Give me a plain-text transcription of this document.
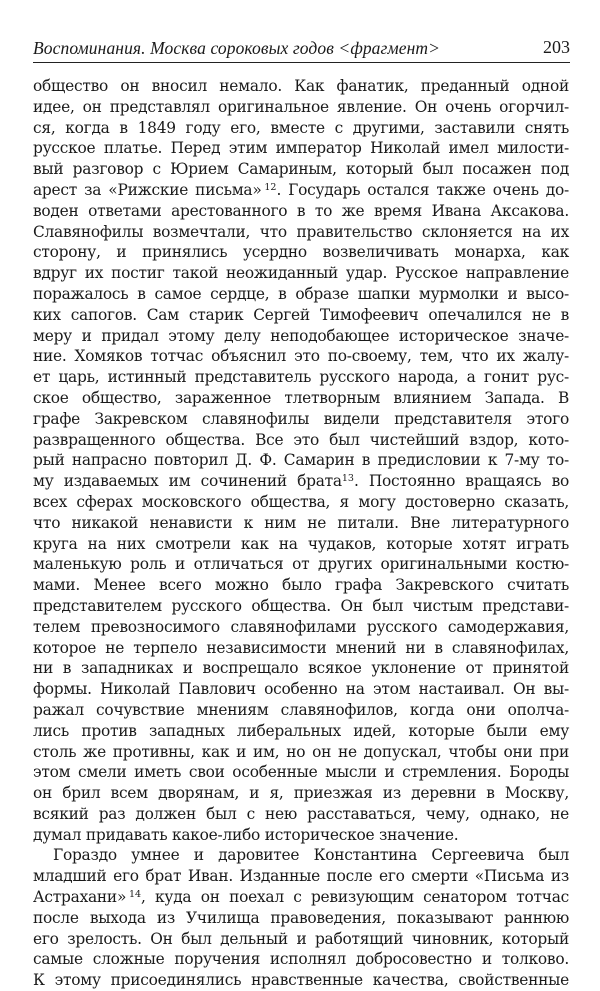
Воспоминания. Москва сороковых годов <фрагмент>	203
общество он вносил немало. Как фанатик, преданный одной
идее, он представлял оригинальное явление. Он очень огорчил-
ся, когда в 1849 году его, вместе с другими, заставили снять
русское платье. Перед этим император Николай имел милости-
вый разговор с Юрием Самариным, который был посажен под
арест за «Рижские письма»  $^{12}$. Государь остался также очень до-
воден ответами арестованного в то же время Ивана Аксакова.
Славянофилы возмечтали, что правительство склоняется на их
сторону, и принялись усердно возвеличивать монарха, как
вдруг их постиг такой неожиданный удар. Русское направление
поражалось в самое сердце, в образе шапки мурмолки и высо-
ких сапогов. Сам старик Сергей Тимофеевич опечалился не в
меру и придал этому делу неподобающее историческое значе-
ние. Хомяков тотчас объяснил это по-своему, тем, что их жалу-
ет царь, истинный представитель русского народа, а гонит рус-
ское общество, зараженное тлетворным влиянием Запада. В
графе Закревском славянофилы видели представителя этого
развращенного общества. Все это был чистейший вздор, кото-
рый напрасно повторил Д. Ф. Самарин в предисловии к 7-му то-
му издаваемых им сочинений брата$^{13}$. Постоянно вращаясь во
всех сферах московского общества, я могу достоверно сказать,
что никакой ненависти к ним не питали. Вне литературного
круга на них смотрели как на чудаков, которые хотят играть
маленькую роль и отличаться от других оригинальными костю-
мами. Менее всего можно было графа Закревского считать
представителем русского общества. Он был чистым представи-
телем превозносимого славянофилами русского самодержавия,
которое не терпело независимости мнений ни в славянофилах,
ни в западниках и воспрещало всякое уклонение от принятой
формы. Николай Павлович особенно на этом настаивал. Он вы-
ражал сочувствие мнениям славянофилов, когда они ополча-
лись против западных либеральных идей, которые были ему
столь же противны, как и им, но он не допускал, чтобы они при
этом смели иметь свои особенные мысли и стремления. Бороды
он брил всем дворянам, и я, приезжая из деревни в Москву,
всякий раз должен был с нею расставаться, чему, однако, не
думал придавать какое-либо историческое значение.
Гораздо умнее и даровитее Константина Сергеевича был
младший его брат Иван. Изданные после его смерти «Письма из
Астрахани»  $^{14}$, куда он поехал с ревизующим сенатором тотчас
после выхода из Училища правоведения, показывают раннюю
его зрелость. Он был дельный и работящий чиновник, который
самые сложные поручения исполнял добросовестно и толково.
К этому присоединялись нравственные качества, свойственные
